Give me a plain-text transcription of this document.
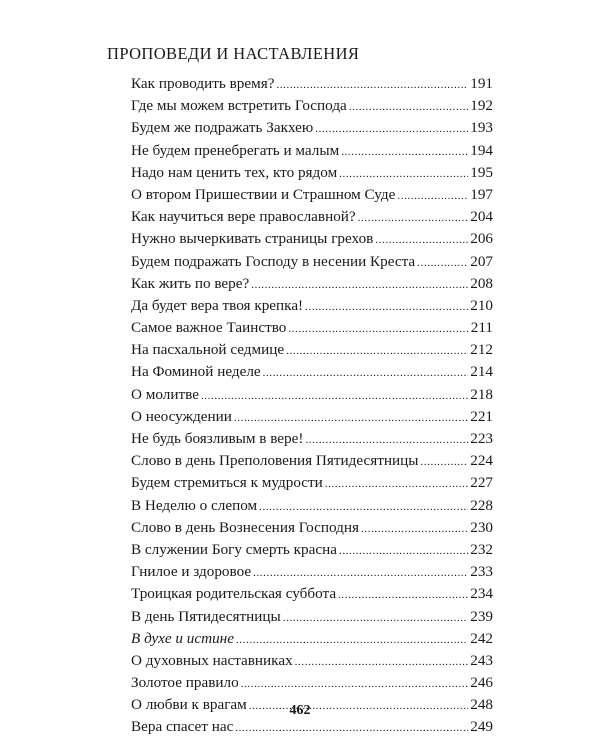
ПРОПОВЕДИ И НАСТАВЛЕНИЯ
Как проводить время? .....	191
Где мы можем встретить Господа .....	192
Будем же подражать Закхею .....	193
Не будем пренебрегать и малым .....	194
Надо нам ценить тех, кто рядом .....	195
О втором Пришествии и Страшном Суде .....	197
Как научиться вере православной? .....	204
Нужно вычеркивать страницы грехов .....	206
Будем подражать Господу в несении Креста .....	207
Как жить по вере? .....	208
Да будет вера твоя крепка! .....	210
Самое важное Таинство .....	211
На пасхальной седмице .....	212
На Фоминой неделе .....	214
О молитве .....	218
О неосуждении .....	221
Не будь боязливым в вере! .....	223
Слово в день Преполовения Пятидесятницы .....	224
Будем стремиться к мудрости .....	227
В Неделю о слепом .....	228
Слово в день Вознесения Господня .....	230
В служении Богу смерть красна .....	232
Гнилое и здоровое .....	233
Троицкая родительская суббота .....	234
В день Пятидесятницы .....	239
В духе и истине .....	242
О духовных наставниках .....	243
Золотое правило .....	246
О любви к врагам .....	248
Вера спасет нас .....	249
462
